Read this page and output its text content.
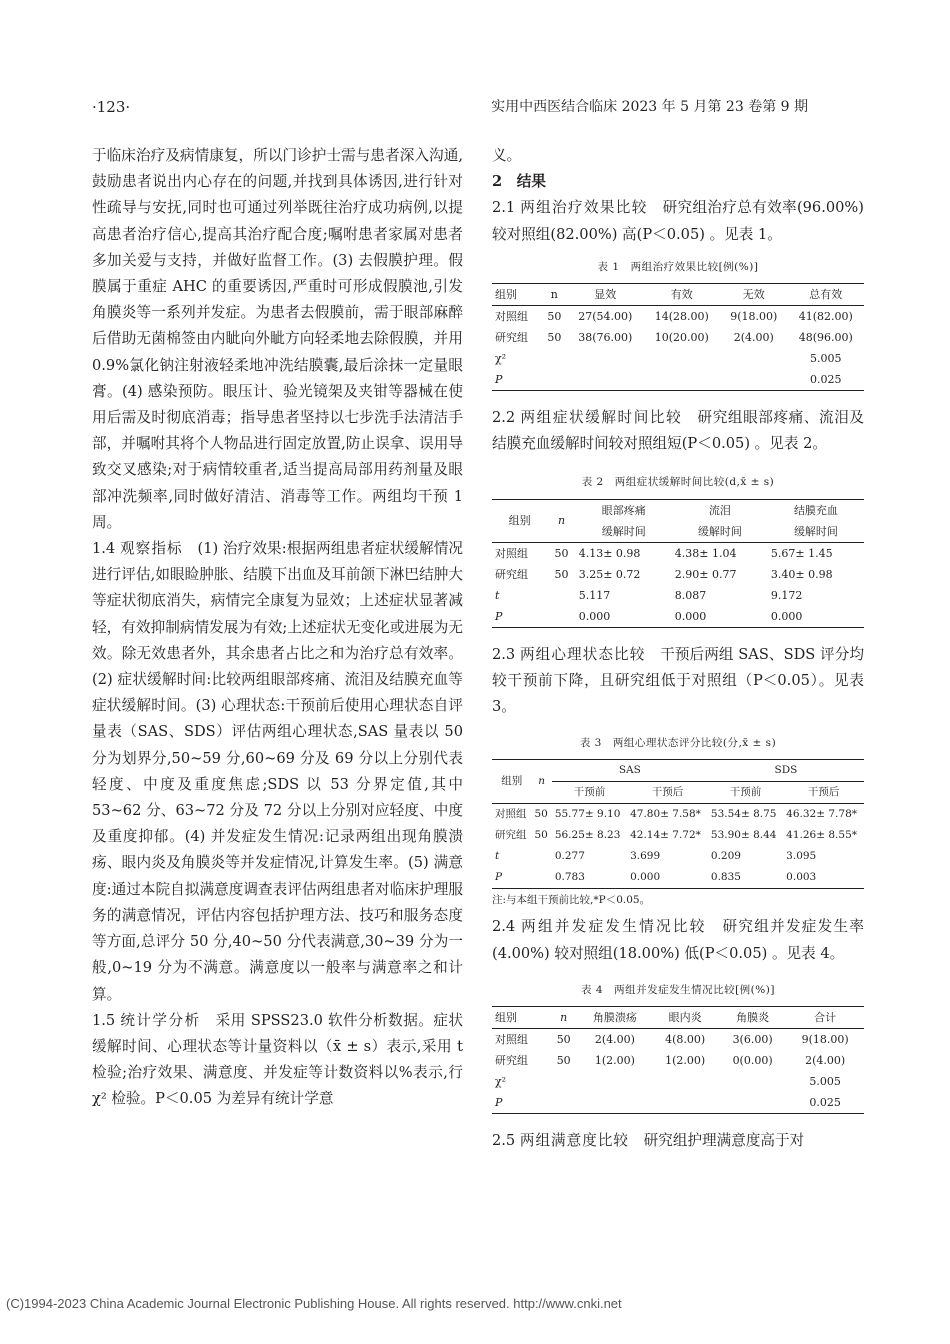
·123·	实用中西医结合临床 2023 年 5 月第 23 卷第 9 期

于临床治疗及病情康复，所以门诊护士需与患者深入沟通,鼓励患者说出内心存在的问题,并找到具体诱因,进行针对性疏导与安抚,同时也可通过列举既往治疗成功病例,以提高患者治疗信心,提高其治疗配合度;嘱咐患者家属对患者多加关爱与支持，并做好监督工作。(3) 去假膜护理。假膜属于重症 AHC 的重要诱因,严重时可形成假膜池,引发角膜炎等一系列并发症。为患者去假膜前，需于眼部麻醉后借助无菌棉签由内眦向外眦方向轻柔地去除假膜，并用 0.9%氯化钠注射液轻柔地冲洗结膜囊,最后涂抹一定量眼膏。(4) 感染预防。眼压计、验光镜架及夹钳等器械在使用后需及时彻底消毒；指导患者坚持以七步洗手法清洁手部，并嘱咐其将个人物品进行固定放置,防止误拿、误用导致交叉感染;对于病情较重者,适当提高局部用药剂量及眼部冲洗频率,同时做好清洁、消毒等工作。两组均干预 1 周。

1.4 观察指标 (1) 治疗效果:根据两组患者症状缓解情况进行评估,如眼睑肿胀、结膜下出血及耳前颌下淋巴结肿大等症状彻底消失，病情完全康复为显效；上述症状显著减轻，有效抑制病情发展为有效;上述症状无变化或进展为无效。除无效患者外，其余患者占比之和为治疗总有效率。(2) 症状缓解时间:比较两组眼部疼痛、流泪及结膜充血等症状缓解时间。(3) 心理状态:干预前后使用心理状态自评量表（SAS、SDS）评估两组心理状态,SAS 量表以 50 分为划界分,50~59 分,60~69 分及 69 分以上分别代表轻度、中度及重度焦虑;SDS 以 53 分界定值,其中 53~62 分、63~72 分及 72 分以上分别对应轻度、中度及重度抑郁。(4) 并发症发生情况:记录两组出现角膜溃疡、眼内炎及角膜炎等并发症情况,计算发生率。(5) 满意度:通过本院自拟满意度调查表评估两组患者对临床护理服务的满意情况，评估内容包括护理方法、技巧和服务态度等方面,总评分 50 分,40~50 分代表满意,30~39 分为一般,0~19 分为不满意。满意度以一般率与满意率之和计算。

1.5 统计学分析 采用 SPSS23.0 软件分析数据。症状缓解时间、心理状态等计量资料以（x̄ ± s）表示,采用 t 检验;治疗效果、满意度、并发症等计数资料以%表示,行 χ² 检验。P＜0.05 为差异有统计学意

义。

2　结果

2.1 两组治疗效果比较 研究组治疗总有效率(96.00%) 较对照组(82.00%) 高(P＜0.05) 。见表 1。

表 1　两组治疗效果比较[例(%)]
组别	n	显效	有效	无效	总有效
对照组	50	27(54.00)	14(28.00)	9(18.00)	41(82.00)
研究组	50	38(76.00)	10(20.00)	2(4.00)	48(96.00)
χ²					5.005
P					0.025

2.2 两组症状缓解时间比较 研究组眼部疼痛、流泪及结膜充血缓解时间较对照组短(P＜0.05) 。见表 2。

表 2　两组症状缓解时间比较(d,x̄ ± s)
组别	n	眼部疼痛	流泪	结膜充血
		缓解时间	缓解时间	缓解时间
对照组	50	4.13± 0.98	4.38± 1.04	5.67± 1.45
研究组	50	3.25± 0.72	2.90± 0.77	3.40± 0.98
t		5.117	8.087	9.172
P		0.000	0.000	0.000

2.3 两组心理状态比较 干预后两组 SAS、SDS 评分均较干预前下降，且研究组低于对照组（P＜0.05）。见表 3。

表 3　两组心理状态评分比较(分,x̄ ± s)
组别	n	SAS		SDS	
		干预前	干预后	干预前	干预后
对照组	50	55.77± 9.10	47.80± 7.58*	53.54± 8.75	46.32± 7.78*
研究组	50	56.25± 8.23	42.14± 7.72*	53.90± 8.44	41.26± 8.55*
t		0.277	3.699	0.209	3.095
P		0.783	0.000	0.835	0.003
注:与本组干预前比较,*P＜0.05。

2.4 两组并发症发生情况比较 研究组并发症发生率(4.00%) 较对照组(18.00%) 低(P＜0.05) 。见表 4。

表 4　两组并发症发生情况比较[例(%)]
组别	n	角膜溃疡	眼内炎	角膜炎	合计
对照组	50	2(4.00)	4(8.00)	3(6.00)	9(18.00)
研究组	50	1(2.00)	1(2.00)	0(0.00)	2(4.00)
χ²					5.005
P					0.025

2.5 两组满意度比较 研究组护理满意度高于对

(C)1994-2023 China Academic Journal Electronic Publishing House. All rights reserved. http://www.cnki.net
